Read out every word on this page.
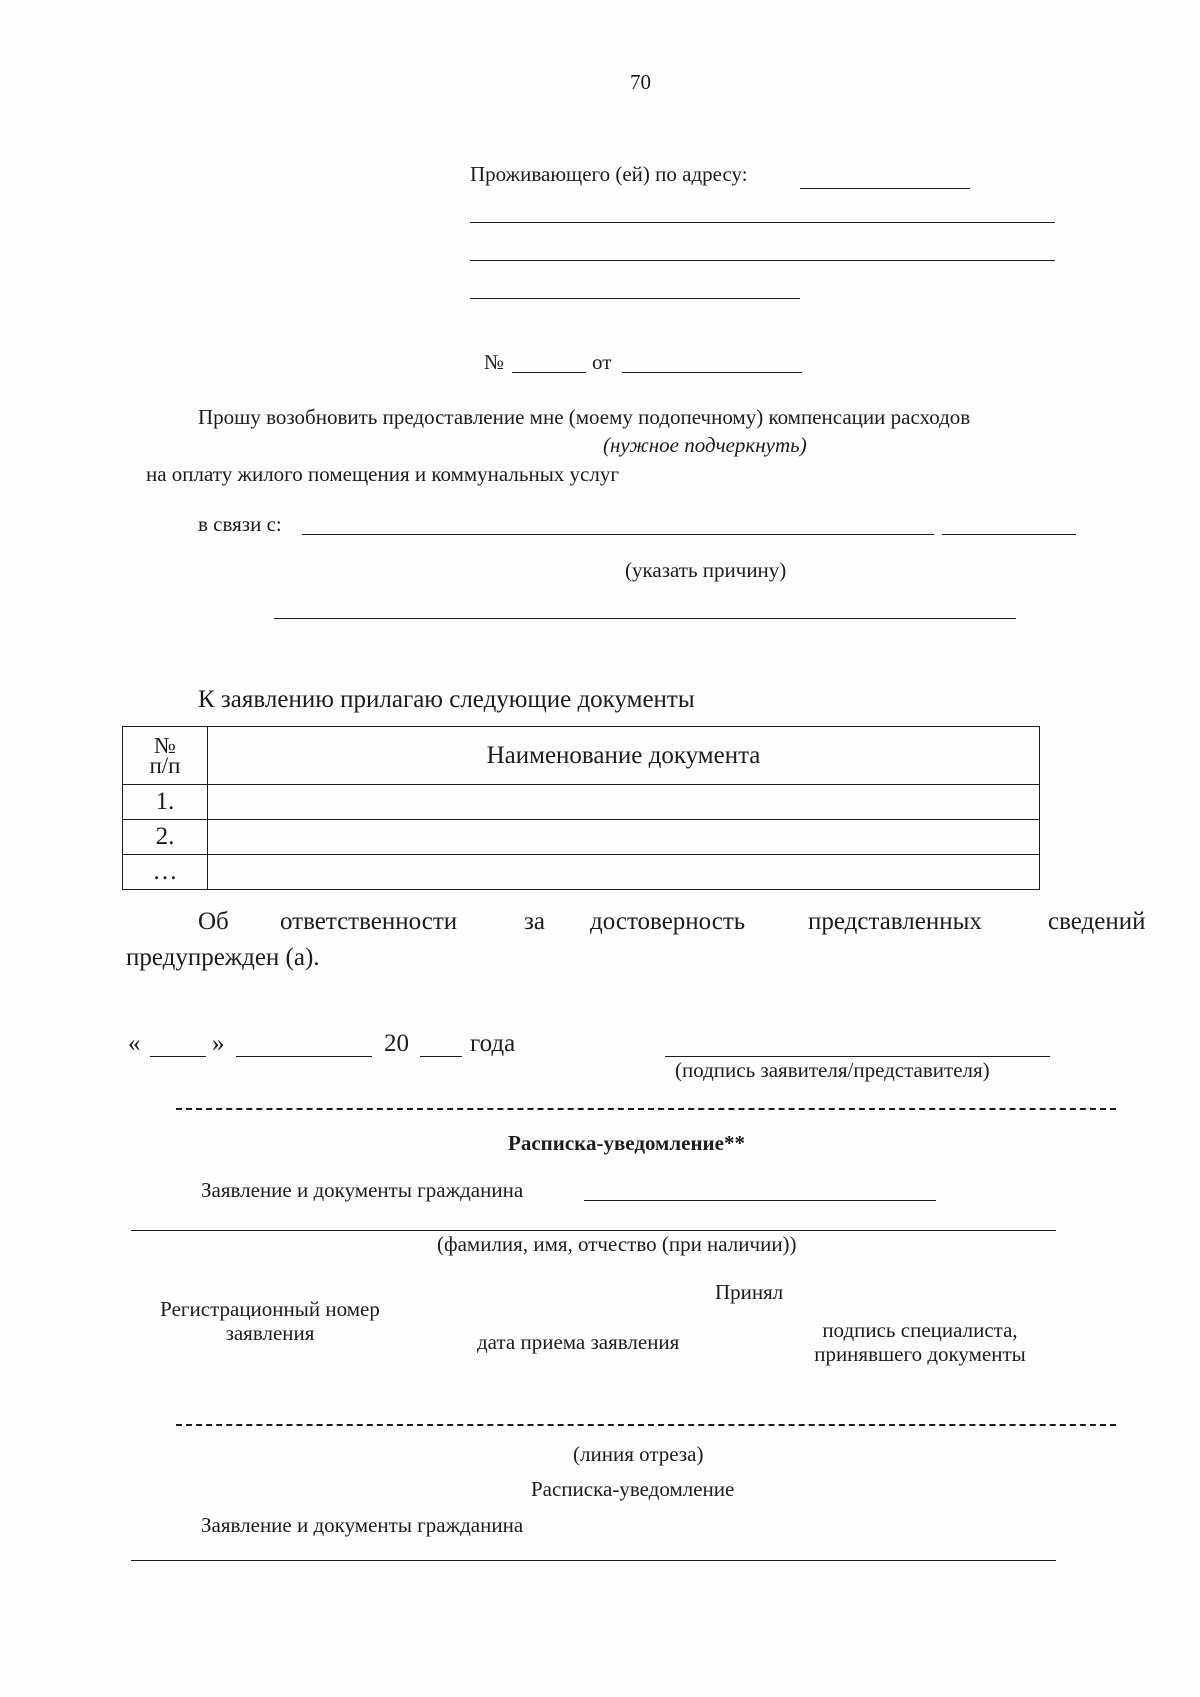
70
Проживающего (ей) по адресу:
№	от
Прошу возобновить предоставление мне (моему подопечному) компенсации расходов
(нужное подчеркнуть)
на оплату жилого помещения и коммунальных услуг
в связи с:
(указать причину)
К заявлению прилагаю следующие документы
№
п/п	Наименование документа
1.	
2.	
…	
Об ответственности	за достоверность	представленных	сведений
предупрежден (а).
«	»	20 года
(подпись заявителя/представителя)
Расписка-уведомление**
Заявление и документы гражданина
(фамилия, имя, отчество (при наличии))
Принял
Регистрационный номер
заявления	дата приема заявления	подпись специалиста,
принявшего документы
(линия отреза)
Расписка-уведомление
Заявление и документы гражданина
